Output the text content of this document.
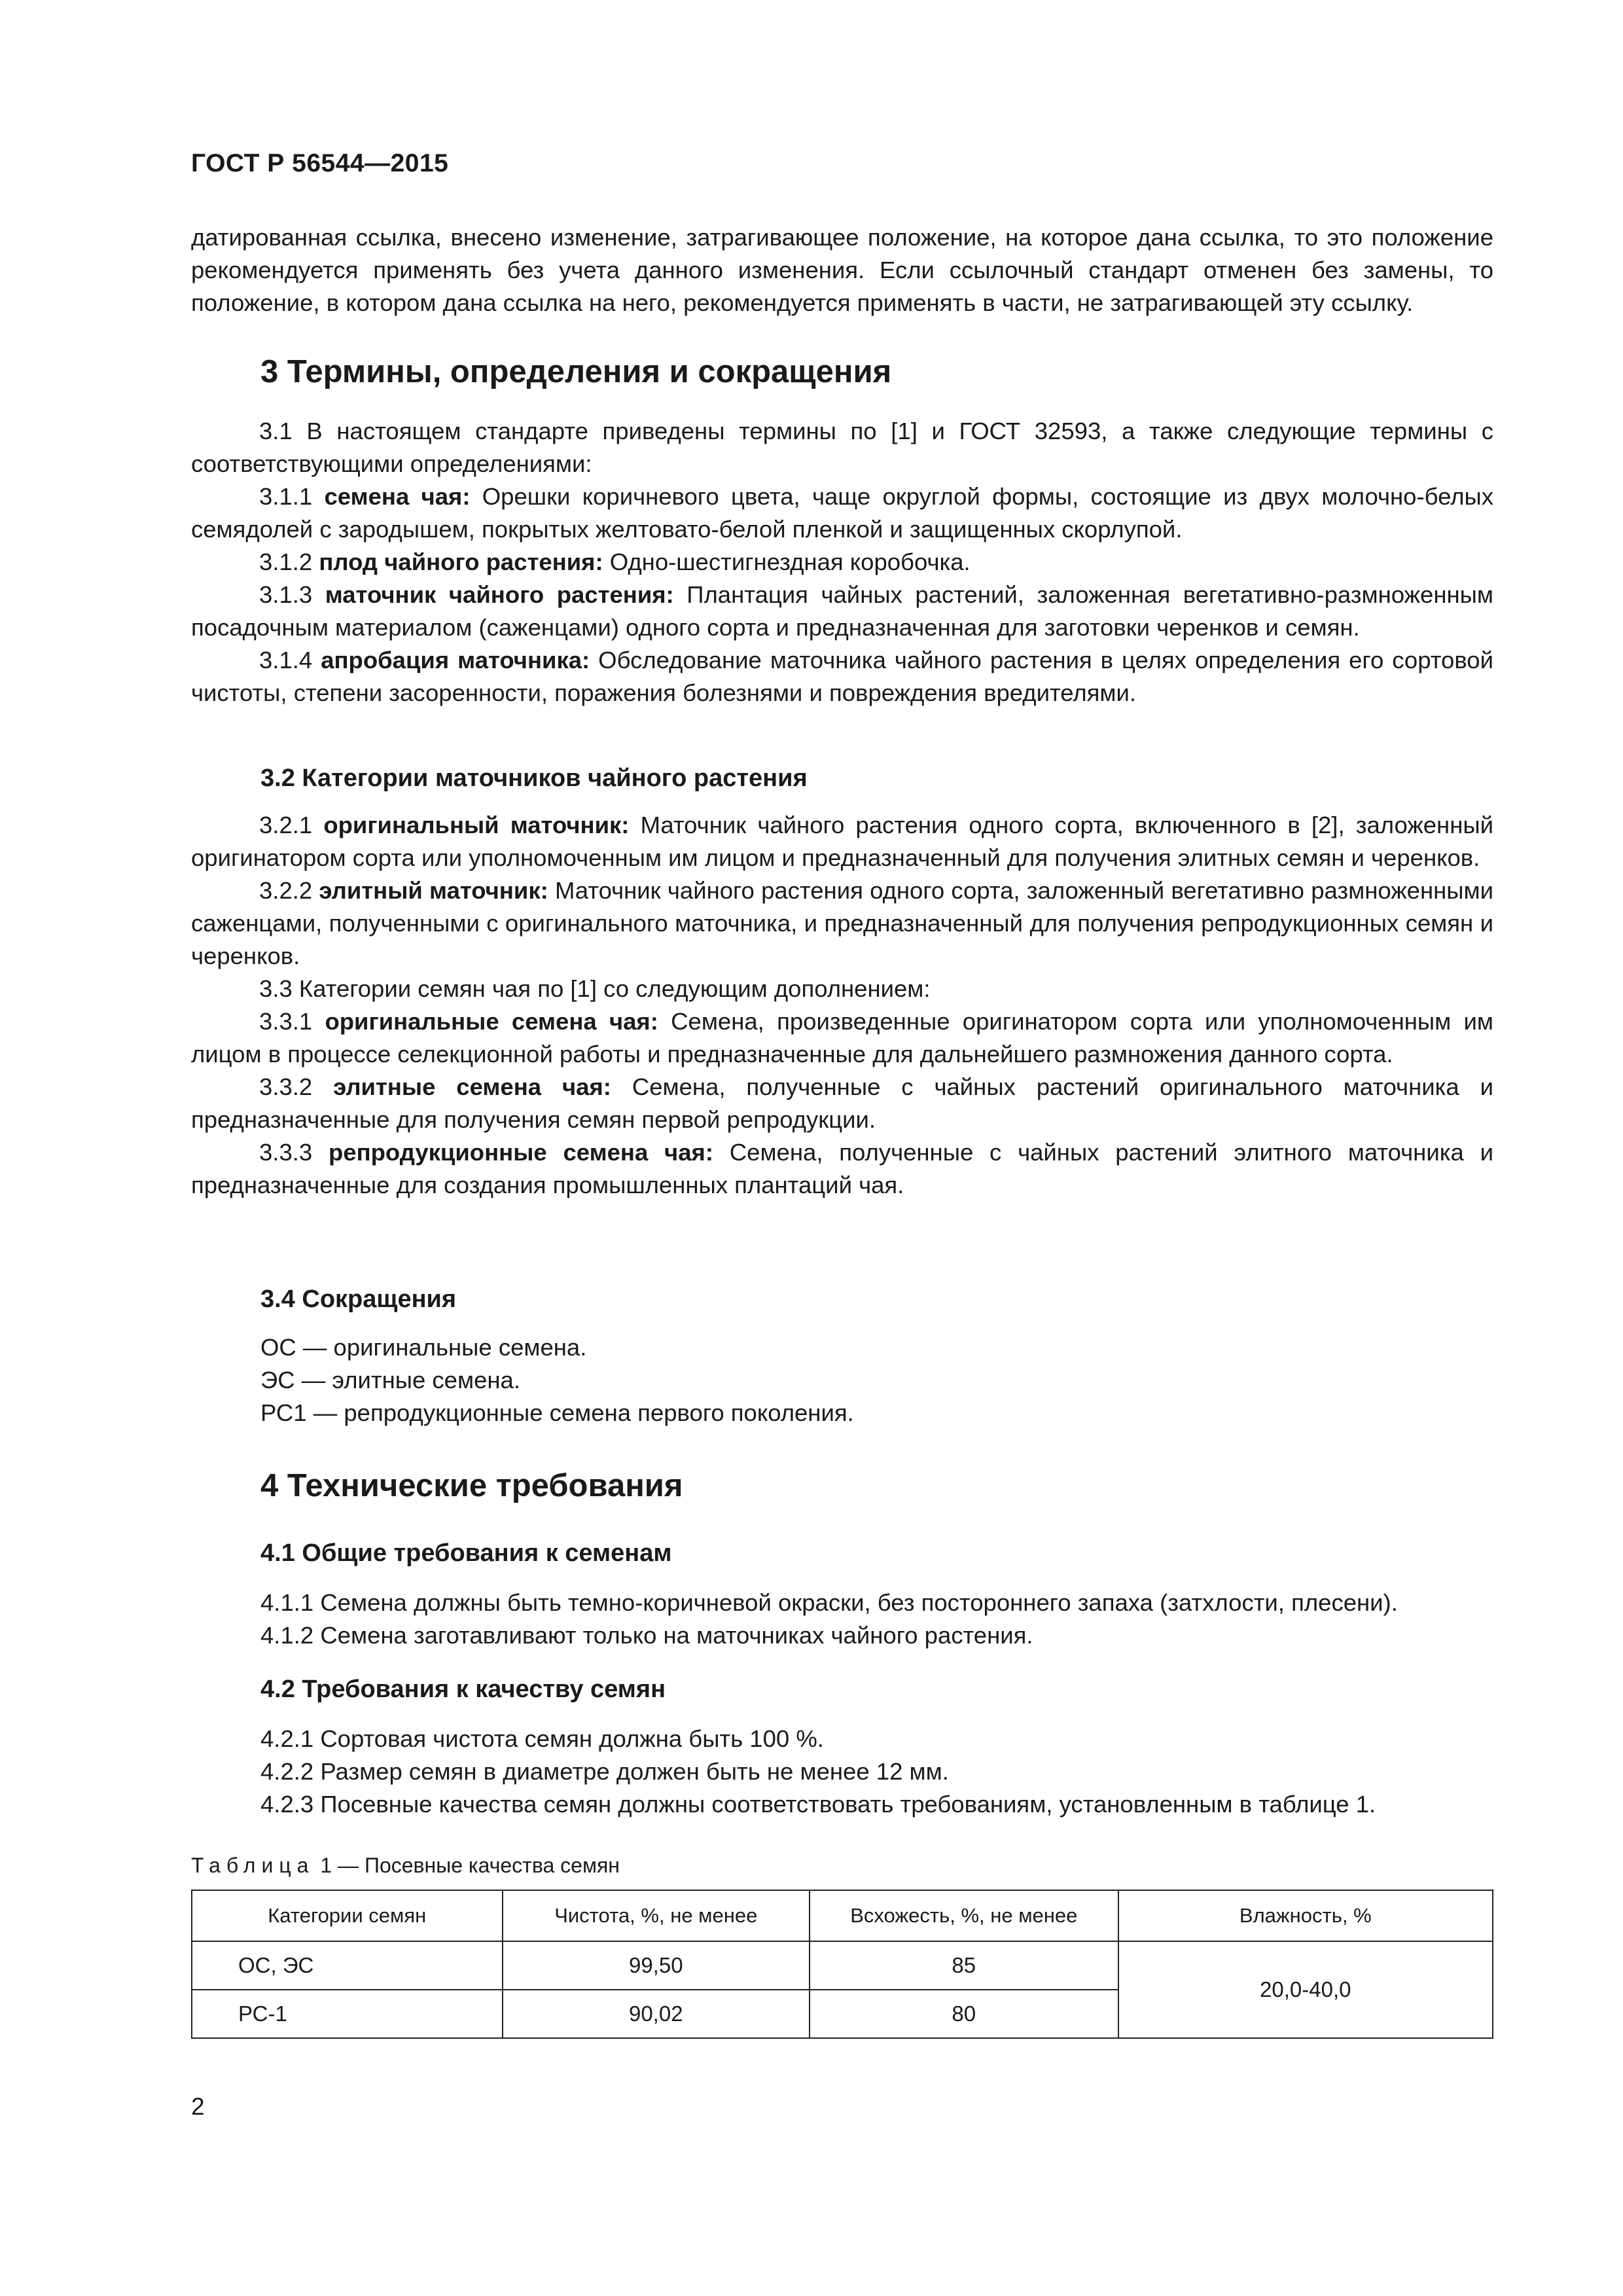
ГОСТ Р 56544—2015

датированная ссылка, внесено изменение, затрагивающее положение, на которое дана ссылка, то это положение рекомендуется применять без учета данного изменения. Если ссылочный стандарт отменен без замены, то положение, в котором дана ссылка на него, рекомендуется применять в части, не затрагивающей эту ссылку.

3 Термины, определения и сокращения

3.1 В настоящем стандарте приведены термины по [1] и ГОСТ 32593, а также следующие термины с соответствующими определениями:

3.1.1 семена чая: Орешки коричневого цвета, чаще округлой формы, состоящие из двух молочно-белых семядолей с зародышем, покрытых желтовато-белой пленкой и защищенных скорлупой.

3.1.2 плод чайного растения: Одно-шестигнездная коробочка.

3.1.3 маточник чайного растения: Плантация чайных растений, заложенная вегетативно-размноженным посадочным материалом (саженцами) одного сорта и предназначенная для заготовки черенков и семян.

3.1.4 апробация маточника: Обследование маточника чайного растения в целях определения его сортовой чистоты, степени засоренности, поражения болезнями и повреждения вредителями.

3.2 Категории маточников чайного растения

3.2.1 оригинальный маточник: Маточник чайного растения одного сорта, включенного в [2], заложенный оригинатором сорта или уполномоченным им лицом и предназначенный для получения элитных семян и черенков.

3.2.2 элитный маточник: Маточник чайного растения одного сорта, заложенный вегетативно размноженными саженцами, полученными с оригинального маточника, и предназначенный для получения репродукционных семян и черенков.

3.3 Категории семян чая по [1] со следующим дополнением:

3.3.1 оригинальные семена чая: Семена, произведенные оригинатором сорта или уполномоченным им лицом в процессе селекционной работы и предназначенные для дальнейшего размножения данного сорта.

3.3.2 элитные семена чая: Семена, полученные с чайных растений оригинального маточника и предназначенные для получения семян первой репродукции.

3.3.3 репродукционные семена чая: Семена, полученные с чайных растений элитного маточника и предназначенные для создания промышленных плантаций чая.

3.4 Сокращения
ОС — оригинальные семена.
ЭС — элитные семена.
РС1 — репродукционные семена первого поколения.
4 Технические требования
4.1 Общие требования к семенам
4.1.1 Семена должны быть темно-коричневой окраски, без постороннего запаха (затхлости, плесени).
4.1.2 Семена заготавливают только на маточниках чайного растения.
4.2 Требования к качеству семян
4.2.1 Сортовая чистота семян должна быть 100 %.
4.2.2 Размер семян в диаметре должен быть не менее 12 мм.
4.2.3 Посевные качества семян должны соответствовать требованиям, установленным в таблице 1.
Таблица 1 — Посевные качества семян
Категории семян	Чистота, %, не менее	Всхожесть, %, не менее	Влажность, %
ОС, ЭС	99,50	85	20,0-40,0
РС-1	90,02	80	
2
